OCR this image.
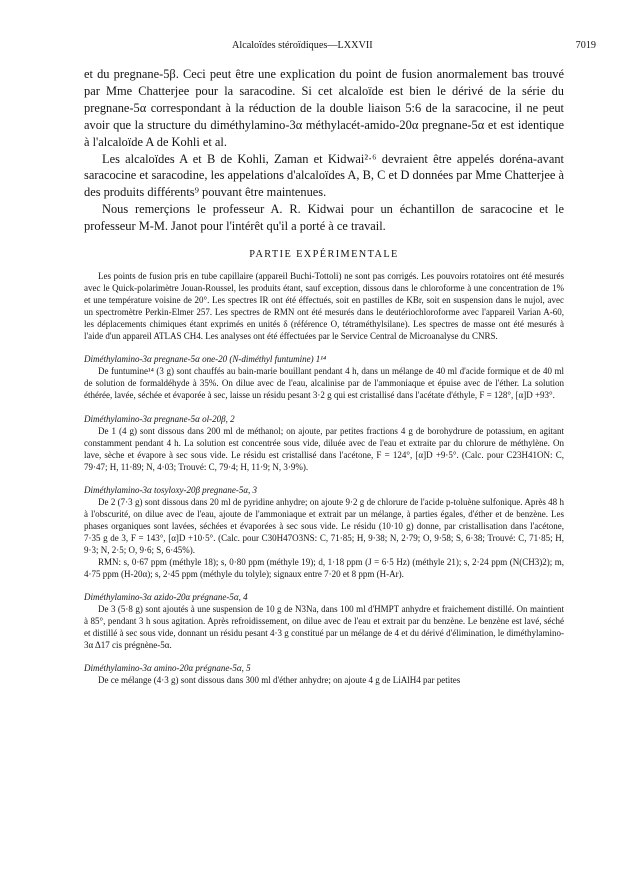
Alcaloïdes stéroïdiques—LXXVII	7019

et du pregnane-5β. Ceci peut être une explication du point de fusion anormalement bas trouvé par Mme Chatterjee pour la saracodine. Si cet alcaloïde est bien le dérivé de la série du pregnane-5α correspondant à la réduction de la double liaison 5:6 de la saracocine, il ne peut avoir que la structure du diméthylamino-3α méthylacét-amido-20α pregnane-5α et est identique à l'alcaloïde A de Kohli et al.

Les alcaloïdes A et B de Kohli, Zaman et Kidwai²·⁶ devraient être appelés doréna-avant saracocine et saracodine, les appelations d'alcaloïdes A, B, C et D données par Mme Chatterjee à des produits différents⁹ pouvant être maintenues.

Nous remerçions le professeur A. R. Kidwai pour un échantillon de saracocine et le professeur M-M. Janot pour l'intérêt qu'il a porté à ce travail.

PARTIE EXPÉRIMENTALE

Les points de fusion pris en tube capillaire (appareil Buchi-Tottoli) ne sont pas corrigés. Les pouvoirs rotatoires ont été mesurés avec le Quick-polarimètre Jouan-Roussel, les produits étant, sauf exception, dissous dans le chloroforme à une concentration de 1% et une température voisine de 20°. Les spectres IR ont été éffectués, soit en pastilles de KBr, soit en suspension dans le nujol, avec un spectromètre Perkin-Elmer 257. Les spectres de RMN ont été mesurés dans le deutériochloroforme avec l'appareil Varian A-60, les déplacements chimiques étant exprimés en unités δ (référence O, tétraméthylsilane). Les spectres de masse ont été mesurés à l'aide d'un appareil ATLAS CH4. Les analyses ont été éffectuées par le Service Central de Microanalyse du CNRS.

Diméthylamino-3α pregnane-5α one-20 (N-diméthyl funtumine) 1¹⁴

De funtumine¹⁴ (3 g) sont chauffés au bain-marie bouillant pendant 4 h, dans un mélange de 40 ml d'acide formique et de 40 ml de solution de formaldéhyde à 35%. On dilue avec de l'eau, alcalinise par de l'ammoniaque et épuise avec de l'éther. La solution éthérée, lavée, séchée et évaporée à sec, laisse un résidu pesant 3·2 g qui est cristallisé dans l'acétate d'éthyle, F = 128°, [α]D +93°.

Diméthylamino-3α pregnane-5α ol-20β, 2

De 1 (4 g) sont dissous dans 200 ml de méthanol; on ajoute, par petites fractions 4 g de borohydrure de potassium, en agitant constamment pendant 4 h. La solution est concentrée sous vide, diluée avec de l'eau et extraite par du chlorure de méthylène. On lave, sèche et évapore à sec sous vide. Le résidu est cristallisé dans l'acétone, F = 124°, [α]D +9·5°. (Calc. pour C23H41ON: C, 79·47; H, 11·89; N, 4·03; Trouvé: C, 79·4; H, 11·9; N, 3·9%).

Diméthylamino-3α tosyloxy-20β pregnane-5α, 3

De 2 (7·3 g) sont dissous dans 20 ml de pyridine anhydre; on ajoute 9·2 g de chlorure de l'acide p-toluène sulfonique. Après 48 h à l'obscurité, on dilue avec de l'eau, ajoute de l'ammoniaque et extrait par un mélange, à parties égales, d'éther et de benzène. Les phases organiques sont lavées, séchées et évaporées à sec sous vide. Le résidu (10·10 g) donne, par cristallisation dans l'acétone, 7·35 g de 3, F = 143°, [α]D +10·5°. (Calc. pour C30H47O3NS: C, 71·85; H, 9·38; N, 2·79; O, 9·58; S, 6·38; Trouvé: C, 71·85; H, 9·3; N, 2·5; O, 9·6; S, 6·45%).

RMN: s, 0·67 ppm (méthyle 18); s, 0·80 ppm (méthyle 19); d, 1·18 ppm (J = 6·5 Hz) (méthyle 21); s, 2·24 ppm (N(CH3)2); m, 4·75 ppm (H-20α); s, 2·45 ppm (méthyle du tolyle); signaux entre 7·20 et 8 ppm (H-Ar).

Diméthylamino-3α azido-20α prégnane-5α, 4

De 3 (5·8 g) sont ajoutés à une suspension de 10 g de N3Na, dans 100 ml d'HMPT anhydre et fraichement distillé. On maintient à 85°, pendant 3 h sous agitation. Après refroidissement, on dilue avec de l'eau et extrait par du benzène. Le benzène est lavé, séché et distillé à sec sous vide, donnant un résidu pesant 4·3 g constitué par un mélange de 4 et du dérivé d'élimination, le diméthylamino-3α Δ17 cis prégnène-5α.

Diméthylamino-3α amino-20α prégnane-5α, 5

De ce mélange (4·3 g) sont dissous dans 300 ml d'éther anhydre; on ajoute 4 g de LiAlH4 par petites
